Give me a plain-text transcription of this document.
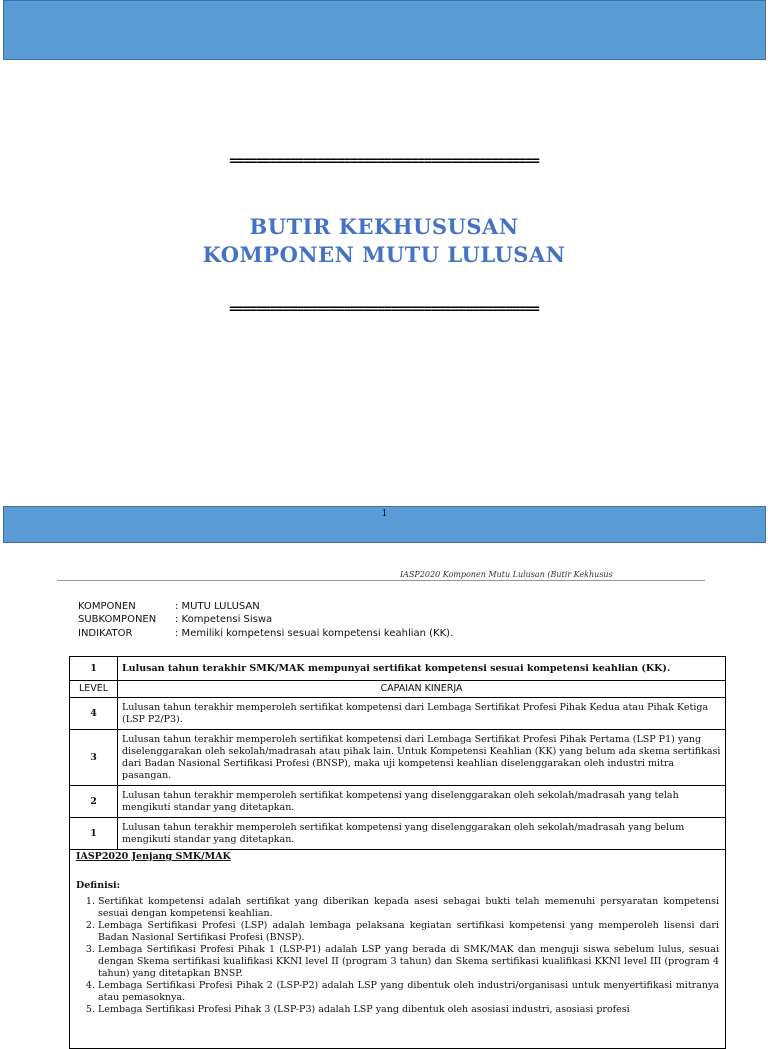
==============================================
BUTIR KEKHUSUSAN
KOMPONEN MUTU LULUSAN
==============================================
1
IASP2020 Komponen Mutu Lulusan (Butir Kekhusus
KOMPONEN	: MUTU LULUSAN
SUBKOMPONEN : Kompetensi Siswa
INDIKATOR	: Memiliki kompetensi sesuai kompetensi keahlian (KK).
1	Lulusan tahun terakhir SMK/MAK mempunyai sertifikat kompetensi sesuai kompetensi keahlian (KK).
LEVEL	CAPAIAN KINERJA
4	Lulusan tahun terakhir memperoleh sertifikat kompetensi dari Lembaga Sertifikat Profesi Pihak Kedua atau Pihak Ketiga (LSP P2/P3).
3	Lulusan tahun terakhir memperoleh sertifikat kompetensi dari Lembaga Sertifikat Profesi Pihak Pertama (LSP P1) yang diselenggarakan oleh sekolah/madrasah atau pihak lain. Untuk Kompetensi Keahlian (KK) yang belum ada skema sertifikasi dari Badan Nasional Sertifikasi Profesi (BNSP), maka uji kompetensi keahlian diselenggarakan oleh industri mitra pasangan.
2	Lulusan tahun terakhir memperoleh sertifikat kompetensi yang diselenggarakan oleh sekolah/madrasah yang telah mengikuti standar yang ditetapkan.
1	Lulusan tahun terakhir memperoleh sertifikat kompetensi yang diselenggarakan oleh sekolah/madrasah yang belum mengikuti standar yang ditetapkan.
IASP2020 Jenjang SMK/MAK
Definisi:
1. Sertifikat kompetensi adalah sertifikat yang diberikan kepada asesi sebagai bukti telah memenuhi persyaratan kompetensi sesuai dengan kompetensi keahlian.
2. Lembaga Sertifikasi Profesi (LSP) adalah lembaga pelaksana kegiatan sertifikasi kompetensi yang memperoleh lisensi dari Badan Nasional Sertifikasi Profesi (BNSP).
3. Lembaga Sertifikasi Profesi Pihak 1 (LSP-P1) adalah LSP yang berada di SMK/MAK dan menguji siswa sebelum lulus, sesuai dengan Skema sertifikasi kualifikasi KKNI level II (program 3 tahun) dan Skema sertifikasi kualifikasi KKNI level III (program 4 tahun) yang ditetapkan BNSP.
4. Lembaga Sertifikasi Profesi Pihak 2 (LSP-P2) adalah LSP yang dibentuk oleh industri/organisasi untuk menyertifikasi mitranya atau pemasoknya.
5. Lembaga Sertifikasi Profesi Pihak 3 (LSP-P3) adalah LSP yang dibentuk oleh asosiasi industri, asosiasi profesi
